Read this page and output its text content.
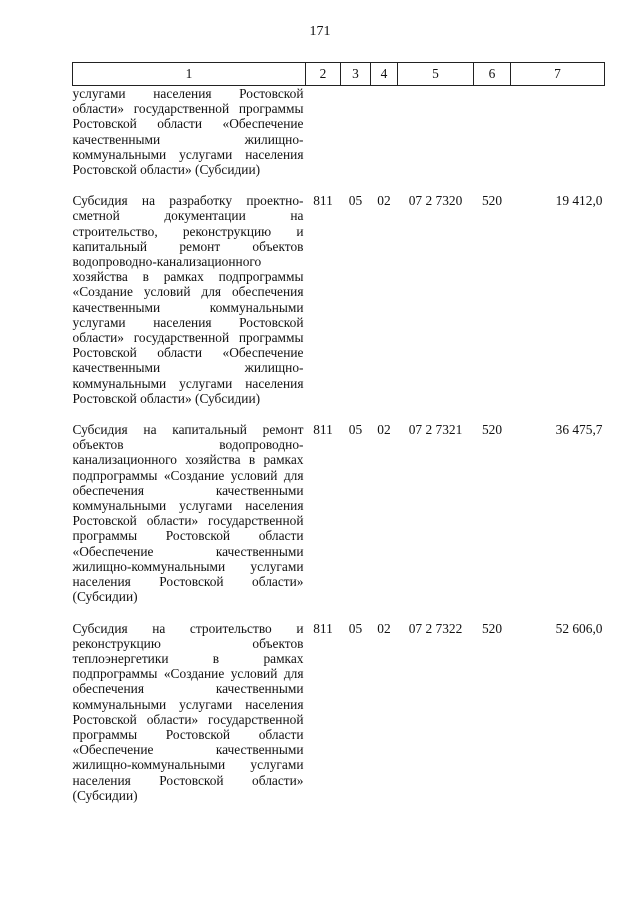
171
1	2	3	4	5	6	7
услугами населения Ростовской области» государственной программы Ростовской области «Обеспечение качественными жилищно-коммунальными услугами населения Ростовской области» (Субсидии)						

Субсидия на разработку проектно-сметной документации на строительство, реконструкцию и капитальный ремонт объектов водопроводно-канализационного хозяйства в рамках подпрограммы «Создание условий для обеспечения качественными коммунальными услугами населения Ростовской области» государственной программы Ростовской области «Обеспечение качественными жилищно-коммунальными услугами населения Ростовской области» (Субсидии)	811	05	02	07 2 7320	520	19 412,0

Субсидия на капитальный ремонт объектов водопроводно-канализационного хозяйства в рамках подпрограммы «Создание условий для обеспечения качественными коммунальными услугами населения Ростовской области» государственной программы Ростовской области «Обеспечение качественными жилищно-коммунальными услугами населения Ростовской области» (Субсидии)	811	05	02	07 2 7321	520	36 475,7

Субсидия на строительство и реконструкцию объектов теплоэнергетики в рамках подпрограммы «Создание условий для обеспечения качественными коммунальными услугами населения Ростовской области» государственной программы Ростовской области «Обеспечение качественными жилищно-коммунальными услугами населения Ростовской области» (Субсидии)	811	05	02	07 2 7322	520	52 606,0
